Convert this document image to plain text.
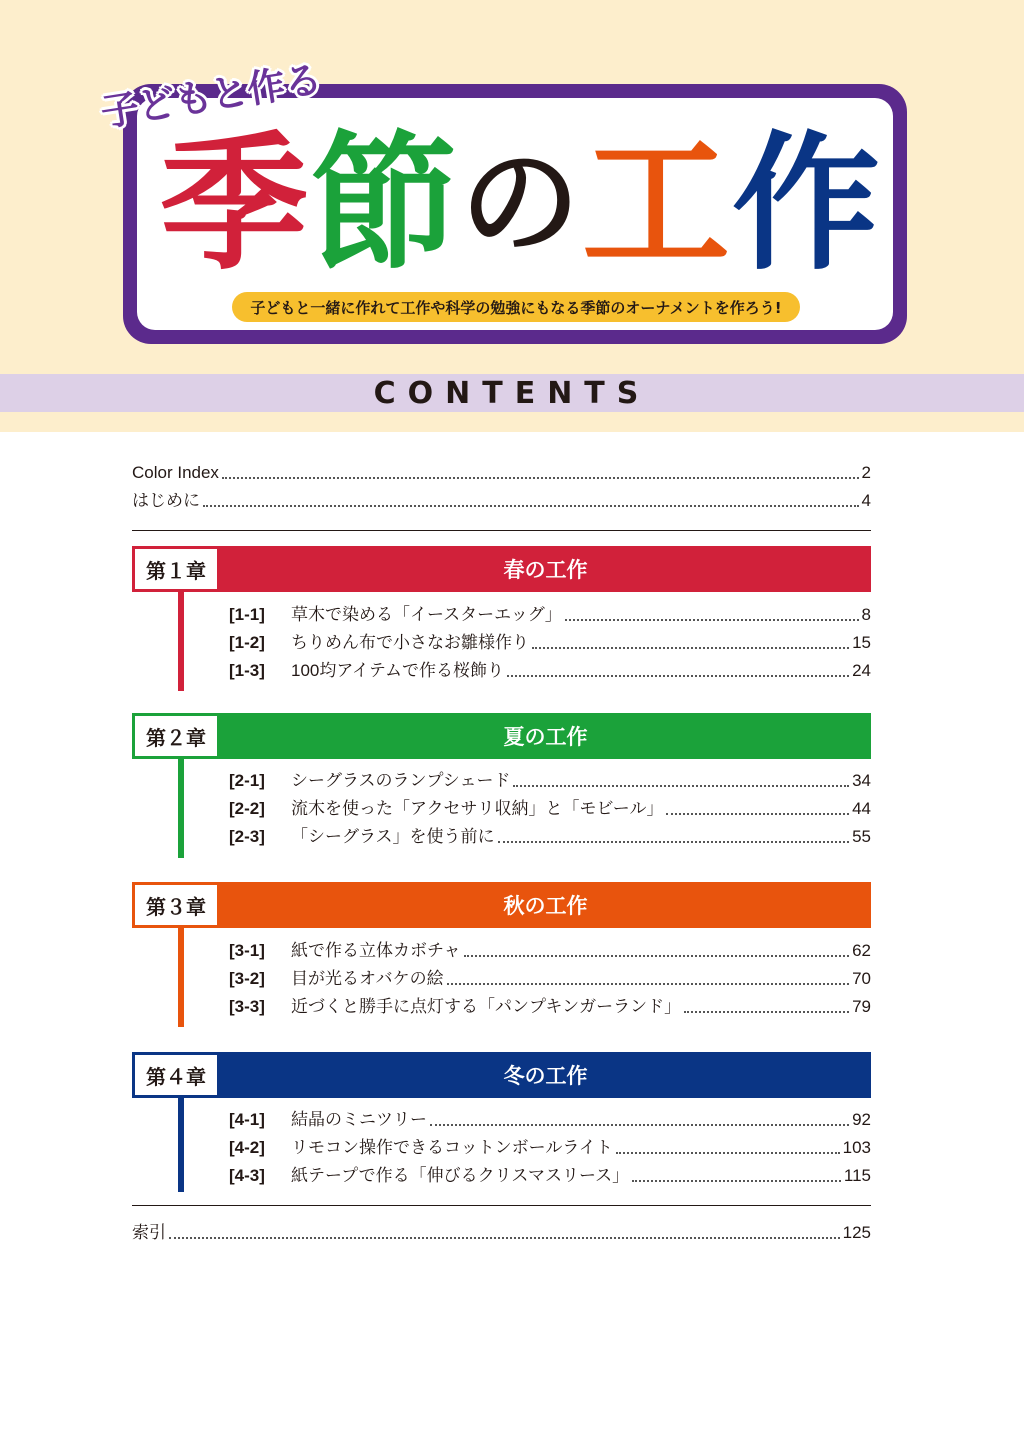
子どもと作る
季 節 の 工 作
子どもと一緒に作れて工作や科学の勉強にもなる季節のオーナメントを作ろう!
CONTENTS
Color Index	2
はじめに	4
第１章	春の工作
[1-1]	草木で染める「イースターエッグ」	8
[1-2]	ちりめん布で小さなお雛様作り	15
[1-3]	100均アイテムで作る桜飾り	24
第２章	夏の工作
[2-1]	シーグラスのランプシェード	34
[2-2]	流木を使った「アクセサリ収納」と「モビール」	44
[2-3]	「シーグラス」を使う前に	55
第３章	秋の工作
[3-1]	紙で作る立体カボチャ	62
[3-2]	目が光るオバケの絵	70
[3-3]	近づくと勝手に点灯する「パンプキンガーランド」	79
第４章	冬の工作
[4-1]	結晶のミニツリー	92
[4-2]	リモコン操作できるコットンボールライト	103
[4-3]	紙テープで作る「伸びるクリスマスリース」	115
索引	125
